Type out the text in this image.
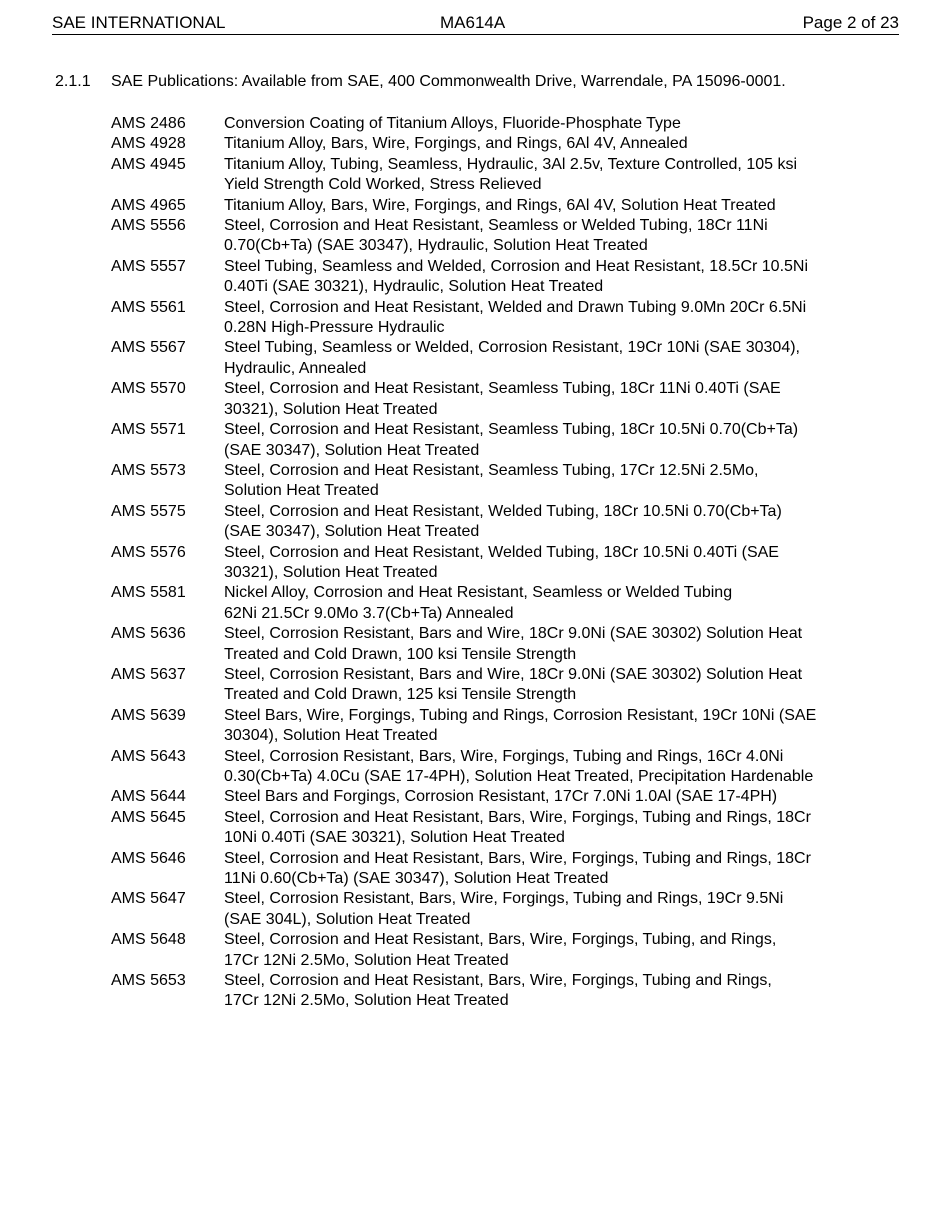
SAE INTERNATIONAL	MA614A	Page 2 of 23
2.1.1 SAE Publications: Available from SAE, 400 Commonwealth Drive, Warrendale, PA 15096-0001.
AMS 2486	Conversion Coating of Titanium Alloys, Fluoride-Phosphate Type
AMS 4928	Titanium Alloy, Bars, Wire, Forgings, and Rings, 6Al 4V, Annealed
AMS 4945	Titanium Alloy, Tubing, Seamless, Hydraulic, 3Al 2.5v, Texture Controlled, 105 ksi
Yield Strength Cold Worked, Stress Relieved
AMS 4965	Titanium Alloy, Bars, Wire, Forgings, and Rings, 6Al 4V, Solution Heat Treated
AMS 5556	Steel, Corrosion and Heat Resistant, Seamless or Welded Tubing, 18Cr 11Ni
0.70(Cb+Ta) (SAE 30347), Hydraulic, Solution Heat Treated
AMS 5557	Steel Tubing, Seamless and Welded, Corrosion and Heat Resistant, 18.5Cr 10.5Ni
0.40Ti (SAE 30321), Hydraulic, Solution Heat Treated
AMS 5561	Steel, Corrosion and Heat Resistant, Welded and Drawn Tubing 9.0Mn 20Cr 6.5Ni
0.28N High-Pressure Hydraulic
AMS 5567	Steel Tubing, Seamless or Welded, Corrosion Resistant, 19Cr 10Ni (SAE 30304),
Hydraulic, Annealed
AMS 5570	Steel, Corrosion and Heat Resistant, Seamless Tubing, 18Cr 11Ni 0.40Ti (SAE
30321), Solution Heat Treated
AMS 5571	Steel, Corrosion and Heat Resistant, Seamless Tubing, 18Cr 10.5Ni 0.70(Cb+Ta)
(SAE 30347), Solution Heat Treated
AMS 5573	Steel, Corrosion and Heat Resistant, Seamless Tubing, 17Cr 12.5Ni 2.5Mo,
Solution Heat Treated
AMS 5575	Steel, Corrosion and Heat Resistant, Welded Tubing, 18Cr 10.5Ni 0.70(Cb+Ta)
(SAE 30347), Solution Heat Treated
AMS 5576	Steel, Corrosion and Heat Resistant, Welded Tubing, 18Cr 10.5Ni 0.40Ti (SAE
30321), Solution Heat Treated
AMS 5581	Nickel Alloy, Corrosion and Heat Resistant, Seamless or Welded Tubing
62Ni 21.5Cr 9.0Mo 3.7(Cb+Ta) Annealed
AMS 5636	Steel, Corrosion Resistant, Bars and Wire, 18Cr 9.0Ni (SAE 30302) Solution Heat
Treated and Cold Drawn, 100 ksi Tensile Strength
AMS 5637	Steel, Corrosion Resistant, Bars and Wire, 18Cr 9.0Ni (SAE 30302) Solution Heat
Treated and Cold Drawn, 125 ksi Tensile Strength
AMS 5639	Steel Bars, Wire, Forgings, Tubing and Rings, Corrosion Resistant, 19Cr 10Ni (SAE
30304), Solution Heat Treated
AMS 5643	Steel, Corrosion Resistant, Bars, Wire, Forgings, Tubing and Rings, 16Cr 4.0Ni
0.30(Cb+Ta) 4.0Cu (SAE 17-4PH), Solution Heat Treated, Precipitation Hardenable
AMS 5644	Steel Bars and Forgings, Corrosion Resistant, 17Cr 7.0Ni 1.0Al (SAE 17-4PH)
AMS 5645	Steel, Corrosion and Heat Resistant, Bars, Wire, Forgings, Tubing and Rings, 18Cr
10Ni 0.40Ti (SAE 30321), Solution Heat Treated
AMS 5646	Steel, Corrosion and Heat Resistant, Bars, Wire, Forgings, Tubing and Rings, 18Cr
11Ni 0.60(Cb+Ta) (SAE 30347), Solution Heat Treated
AMS 5647	Steel, Corrosion Resistant, Bars, Wire, Forgings, Tubing and Rings, 19Cr 9.5Ni
(SAE 304L), Solution Heat Treated
AMS 5648	Steel, Corrosion and Heat Resistant, Bars, Wire, Forgings, Tubing, and Rings,
17Cr 12Ni 2.5Mo, Solution Heat Treated
AMS 5653	Steel, Corrosion and Heat Resistant, Bars, Wire, Forgings, Tubing and Rings,
17Cr 12Ni 2.5Mo, Solution Heat Treated
